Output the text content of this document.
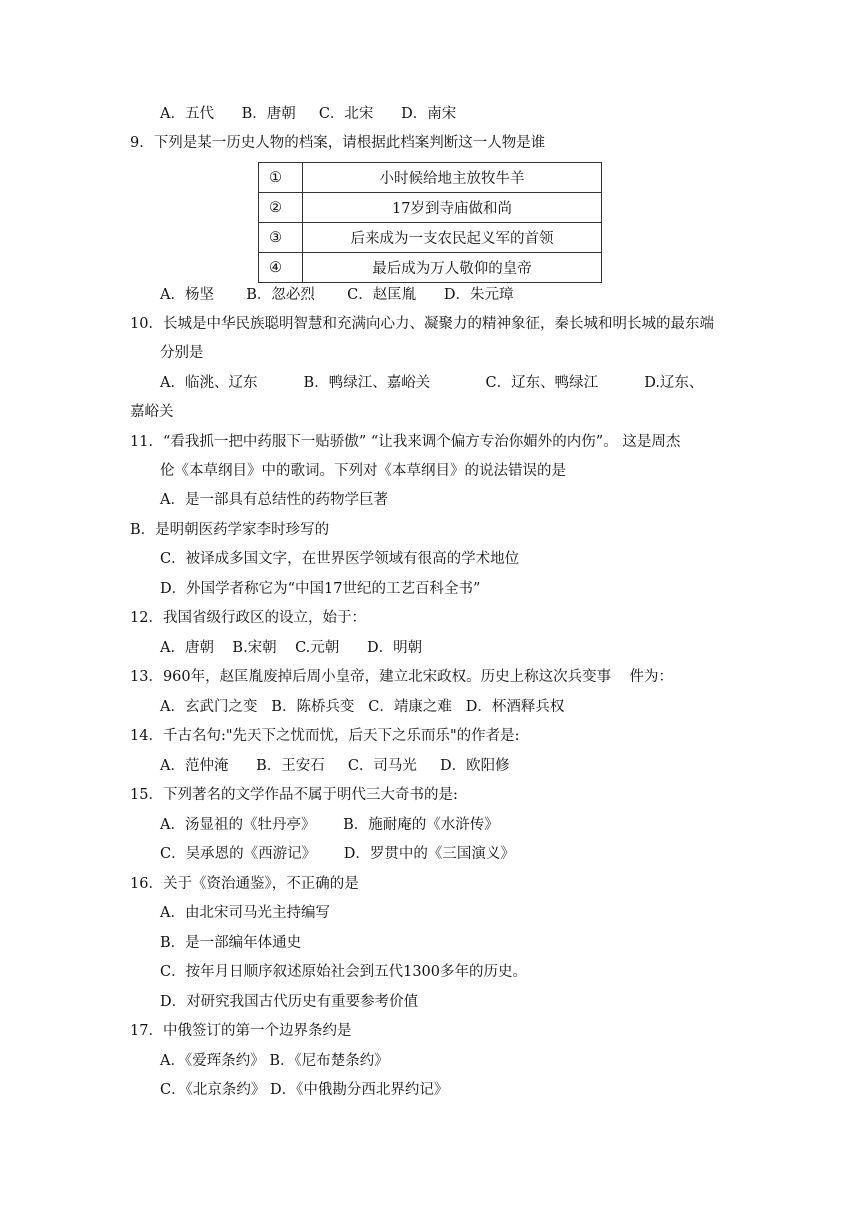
A．五代      B．唐朝     C．北宋      D．南宋
9．下列是某一历史人物的档案，请根据此档案判断这一人物是谁
①	小时候给地主放牧牛羊
②	17岁到寺庙做和尚
③	后来成为一支农民起义军的首领
④	最后成为万人敬仰的皇帝
A．杨坚       B．忽必烈       C．赵匡胤      D．朱元璋
10．长城是中华民族聪明智慧和充满向心力、凝聚力的精神象征，秦长城和明长城的最东端
分别是
A．临洮、辽东          B．鸭绿江、嘉峪关            C．辽东、鸭绿江          D.辽东、
嘉峪关
11．“看我抓一把中药服下一贴骄傲” “让我来调个偏方专治你媚外的内伤”。 这是周杰
伦《本草纲目》中的歌词。下列对《本草纲目》的说法错误的是
A．是一部具有总结性的药物学巨著
B．是明朝医药学家李时珍写的
C．被译成多国文字，在世界医学领域有很高的学术地位
D．外国学者称它为“中国17世纪的工艺百科全书”
12．我国省级行政区的设立，始于：
A．唐朝    B.宋朝    C.元朝      D．明朝
13．960年，赵匡胤废掉后周小皇帝，建立北宋政权。历史上称这次兵变事    件为：
A．玄武门之变   B．陈桥兵变   C．靖康之难   D．杯酒释兵权
14．千古名句:"先天下之忧而忧，后天下之乐而乐"的作者是:
A．范仲淹      B．王安石     C．司马光     D．欧阳修
15．下列著名的文学作品不属于明代三大奇书的是:
A．汤显祖的《牡丹亭》      B．施耐庵的《水浒传》
C．吴承恩的《西游记》      D．罗贯中的《三国演义》
16．关于《资治通鉴》，不正确的是
A．由北宋司马光主持编写
B．是一部编年体通史
C．按年月日顺序叙述原始社会到五代1300多年的历史。
D．对研究我国古代历史有重要参考价值
17．中俄签订的第一个边界条约是
A．《爱珲条约》 B．《尼布楚条约》
C．《北京条约》 D．《中俄勘分西北界约记》
